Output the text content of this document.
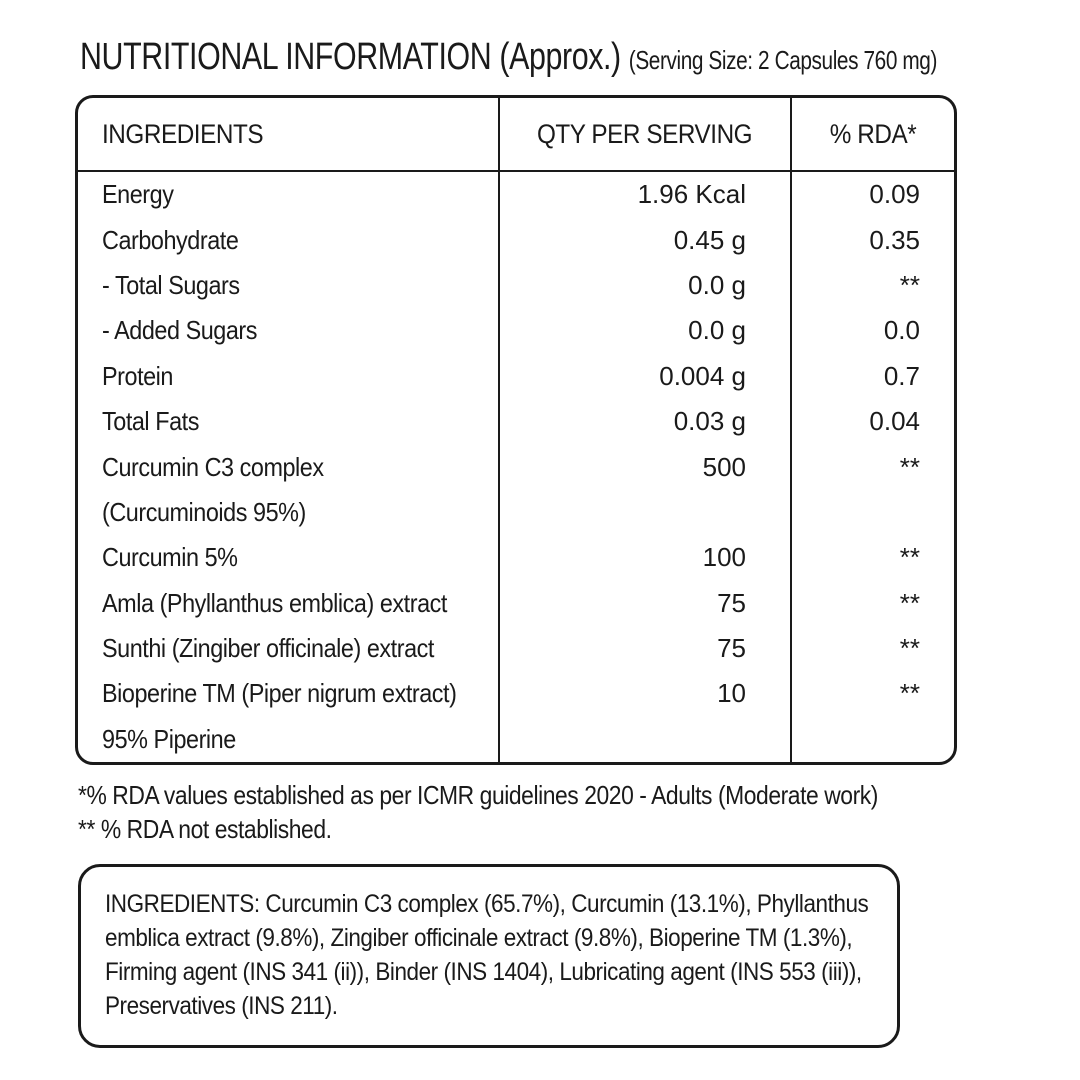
NUTRITIONAL INFORMATION (Approx.) (Serving Size: 2 Capsules 760 mg)
INGREDIENTS	QTY PER SERVING	% RDA*
Energy	1.96 Kcal	0.09
Carbohydrate	0.45 g	0.35
- Total Sugars	0.0 g	**
- Added Sugars	0.0 g	0.0
Protein	0.004 g	0.7
Total Fats	0.03 g	0.04
Curcumin C3 complex	500	**
(Curcuminoids 95%)
Curcumin 5%	100	**
Amla (Phyllanthus emblica) extract	75	**
Sunthi (Zingiber officinale) extract	75	**
Bioperine TM (Piper nigrum extract)	10	**
95% Piperine
*% RDA values established as per ICMR guidelines 2020 - Adults (Moderate work)
** % RDA not established.
INGREDIENTS: Curcumin C3 complex (65.7%), Curcumin (13.1%), Phyllanthus emblica extract (9.8%), Zingiber officinale extract (9.8%), Bioperine TM (1.3%), Firming agent (INS 341 (ii)), Binder (INS 1404), Lubricating agent (INS 553 (iii)), Preservatives (INS 211).
